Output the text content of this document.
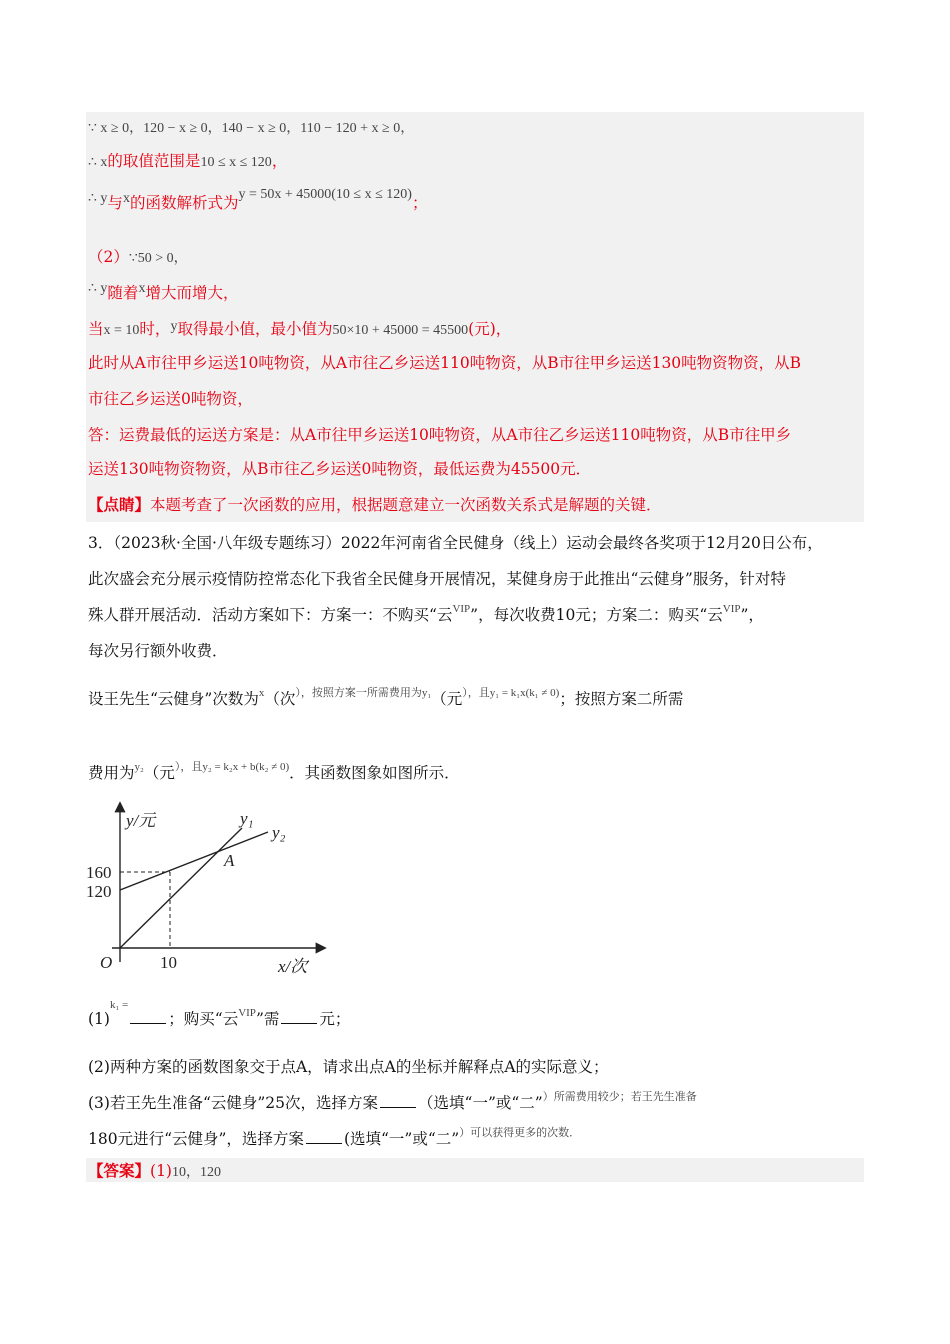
∵ x ≥ 0，120 − x ≥ 0，140 − x ≥ 0，110 − 120 + x ≥ 0，
∴ x的取值范围是10 ≤ x ≤ 120，
∴ y与x的函数解析式为y = 50x + 45000(10 ≤ x ≤ 120)；
（2）∵50 > 0，
∴ y随着x增大而增大，
当x = 10时，y取得最小值，最小值为50×10 + 45000 = 45500(元)，
此时从A市往甲乡运送10吨物资，从A市往乙乡运送110吨物资，从B市往甲乡运送130吨物资物资，从B
市往乙乡运送0吨物资，
答：运费最低的运送方案是：从A市往甲乡运送10吨物资，从A市往乙乡运送110吨物资，从B市往甲乡
运送130吨物资物资，从B市往乙乡运送0吨物资，最低运费为45500元．
【点睛】本题考查了一次函数的应用，根据题意建立一次函数关系式是解题的关键．
3．（2023秋·全国·八年级专题练习）2022年河南省全民健身（线上）运动会最终各奖项于12月20日公布，
此次盛会充分展示疫情防控常态化下我省全民健身开展情况，某健身房于此推出“云健身”服务，针对特
殊人群开展活动．活动方案如下：方案一：不购买“云$^{VIP}$”，每次收费10元；方案二：购买“云$^{VIP}$”，
每次另行额外收费．
设王先生“云健身”次数为$^x$（次$^{),按照方案一所需费用为y_1}$（元$^{),且y_1 = k_1x(k_1 \ne 0)}$；按照方案二所需
费用为$^{y_2}$（元$^{),且y_2 = k_2x + b(k_2 \ne 0)}$．其函数图象如图所示．
y/元
x/次
O
y₁
y₂
A
160
120
10
$(1)^{k_1 =}$；购买“云$^{VIP}$”需	元；
(2)两种方案的函数图象交于点A，请求出点A的坐标并解释点A的实际意义；
(3)若王先生准备“云健身”25次，选择方案	（选填“一”或“二”$^{)所需费用较少;若王先生准备}$
180元进行“云健身”，选择方案	(选填“一”或“二”$^{)可以获得更多的次数.}$
【答案】(1)10，120
